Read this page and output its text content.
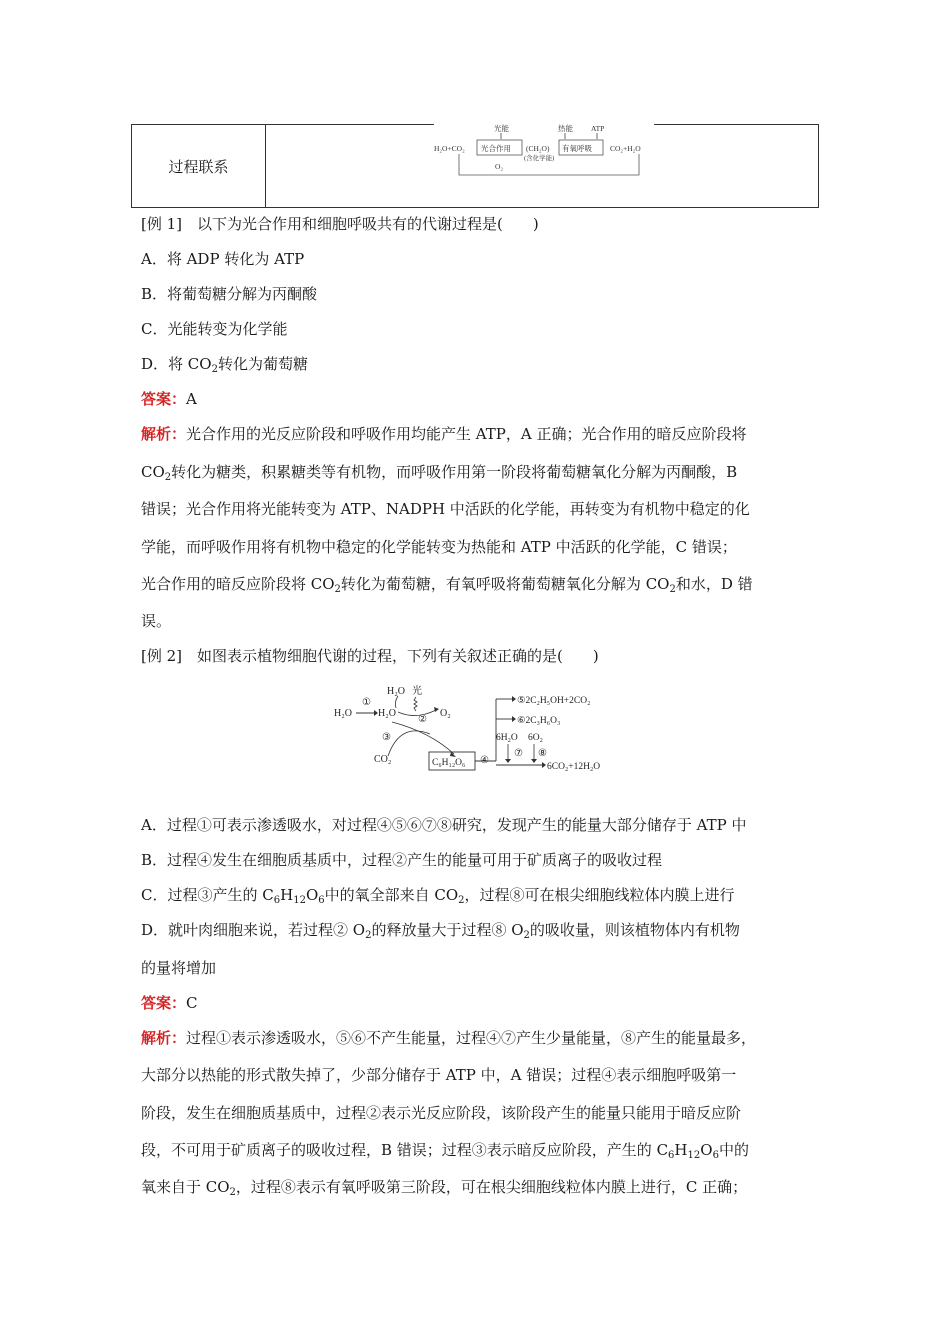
过程联系
光能	热能 ATP
H₂O+CO₂ 光合作用 (CH₂O)
(含化学能)
有氧呼吸 CO₂+H₂O
O₂
[例 1]　以下为光合作用和细胞呼吸共有的代谢过程是(　　)
A．将 ADP 转化为 ATP
B．将葡萄糖分解为丙酮酸
C．光能转变为化学能
D．将 $CO_2$转化为葡萄糖
答案：A
解析：光合作用的光反应阶段和呼吸作用均能产生 ATP，A 正确；光合作用的暗反应阶段将
$CO_2$转化为糖类，积累糖类等有机物，而呼吸作用第一阶段将葡萄糖氧化分解为丙酮酸，B
错误；光合作用将光能转变为 ATP、NADPH 中活跃的化学能，再转变为有机物中稳定的化
学能，而呼吸作用将有机物中稳定的化学能转变为热能和 ATP 中活跃的化学能，C 错误；
光合作用的暗反应阶段将 $CO_2$转化为葡萄糖，有氧呼吸将葡萄糖氧化分解为 $CO_2$和水，D 错
误。
[例 2]　如图表示植物细胞代谢的过程，下列有关叙述正确的是(　　)
H₂O
①
H₂O
H₂O 光
②
O₂
③
CO₂	C₆H₁₂O₆ ④
⑤2C₂H₅OH+2CO₂
⑥2C₃H₆O₃
6H₂O 6O₂
⑦ ⑧
6CO₂+12H₂O
A．过程①可表示渗透吸水，对过程④⑤⑥⑦⑧研究，发现产生的能量大部分储存于 ATP 中
B．过程④发生在细胞质基质中，过程②产生的能量可用于矿质离子的吸收过程
C．过程③产生的 $C_6H_{12}O_6$中的氧全部来自 $CO_2$，过程⑧可在根尖细胞线粒体内膜上进行
D．就叶肉细胞来说，若过程② $O_2$的释放量大于过程⑧ $O_2$的吸收量，则该植物体内有机物
的量将增加
答案：C
解析：过程①表示渗透吸水，⑤⑥不产生能量，过程④⑦产生少量能量，⑧产生的能量最多，
大部分以热能的形式散失掉了，少部分储存于 ATP 中，A 错误；过程④表示细胞呼吸第一
阶段，发生在细胞质基质中，过程②表示光反应阶段，该阶段产生的能量只能用于暗反应阶
段，不可用于矿质离子的吸收过程，B 错误；过程③表示暗反应阶段，产生的 $C_6H_{12}O_6$中的
氧来自于 $CO_2$，过程⑧表示有氧呼吸第三阶段，可在根尖细胞线粒体内膜上进行，C 正确；
